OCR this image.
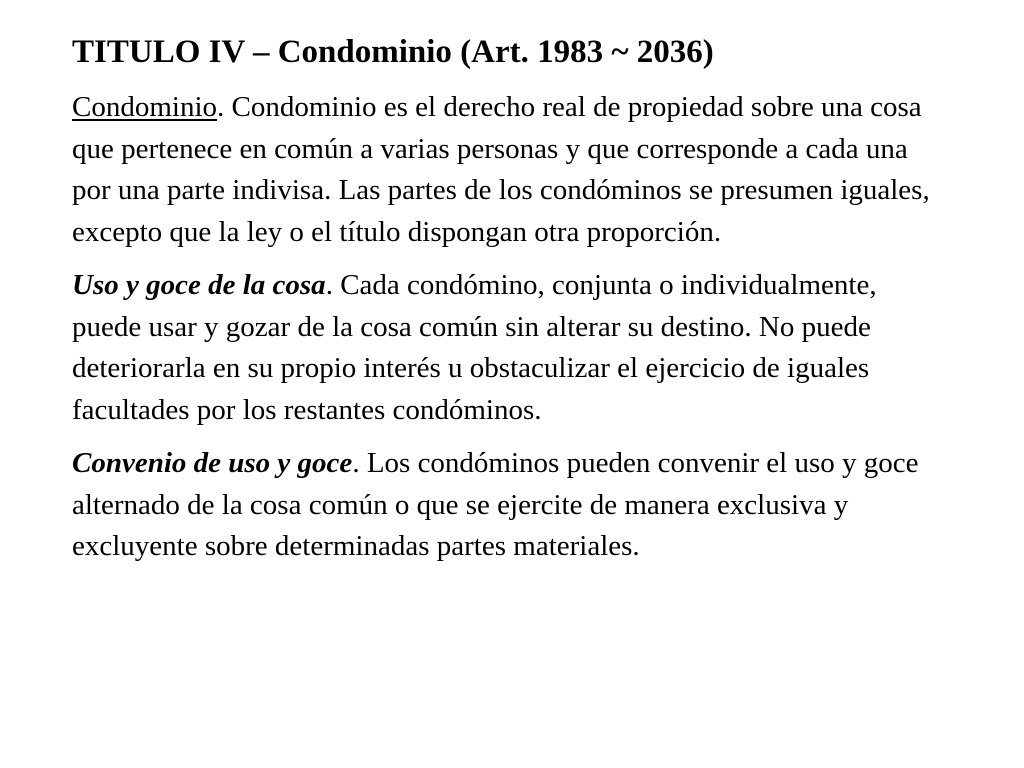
TITULO IV – Condominio (Art. 1983 ~ 2036)

Condominio. Condominio es el derecho real de propiedad sobre una cosa que pertenece en común a varias personas y que corresponde a cada una por una parte indivisa. Las partes de los condóminos se presumen iguales, excepto que la ley o el título dispongan otra proporción.

Uso y goce de la cosa. Cada condómino, conjunta o individualmente, puede usar y gozar de la cosa común sin alterar su destino. No puede deteriorarla en su propio interés u obstaculizar el ejercicio de iguales facultades por los restantes condóminos.

Convenio de uso y goce. Los condóminos pueden convenir el uso y goce alternado de la cosa común o que se ejercite de manera exclusiva y excluyente sobre determinadas partes materiales.
